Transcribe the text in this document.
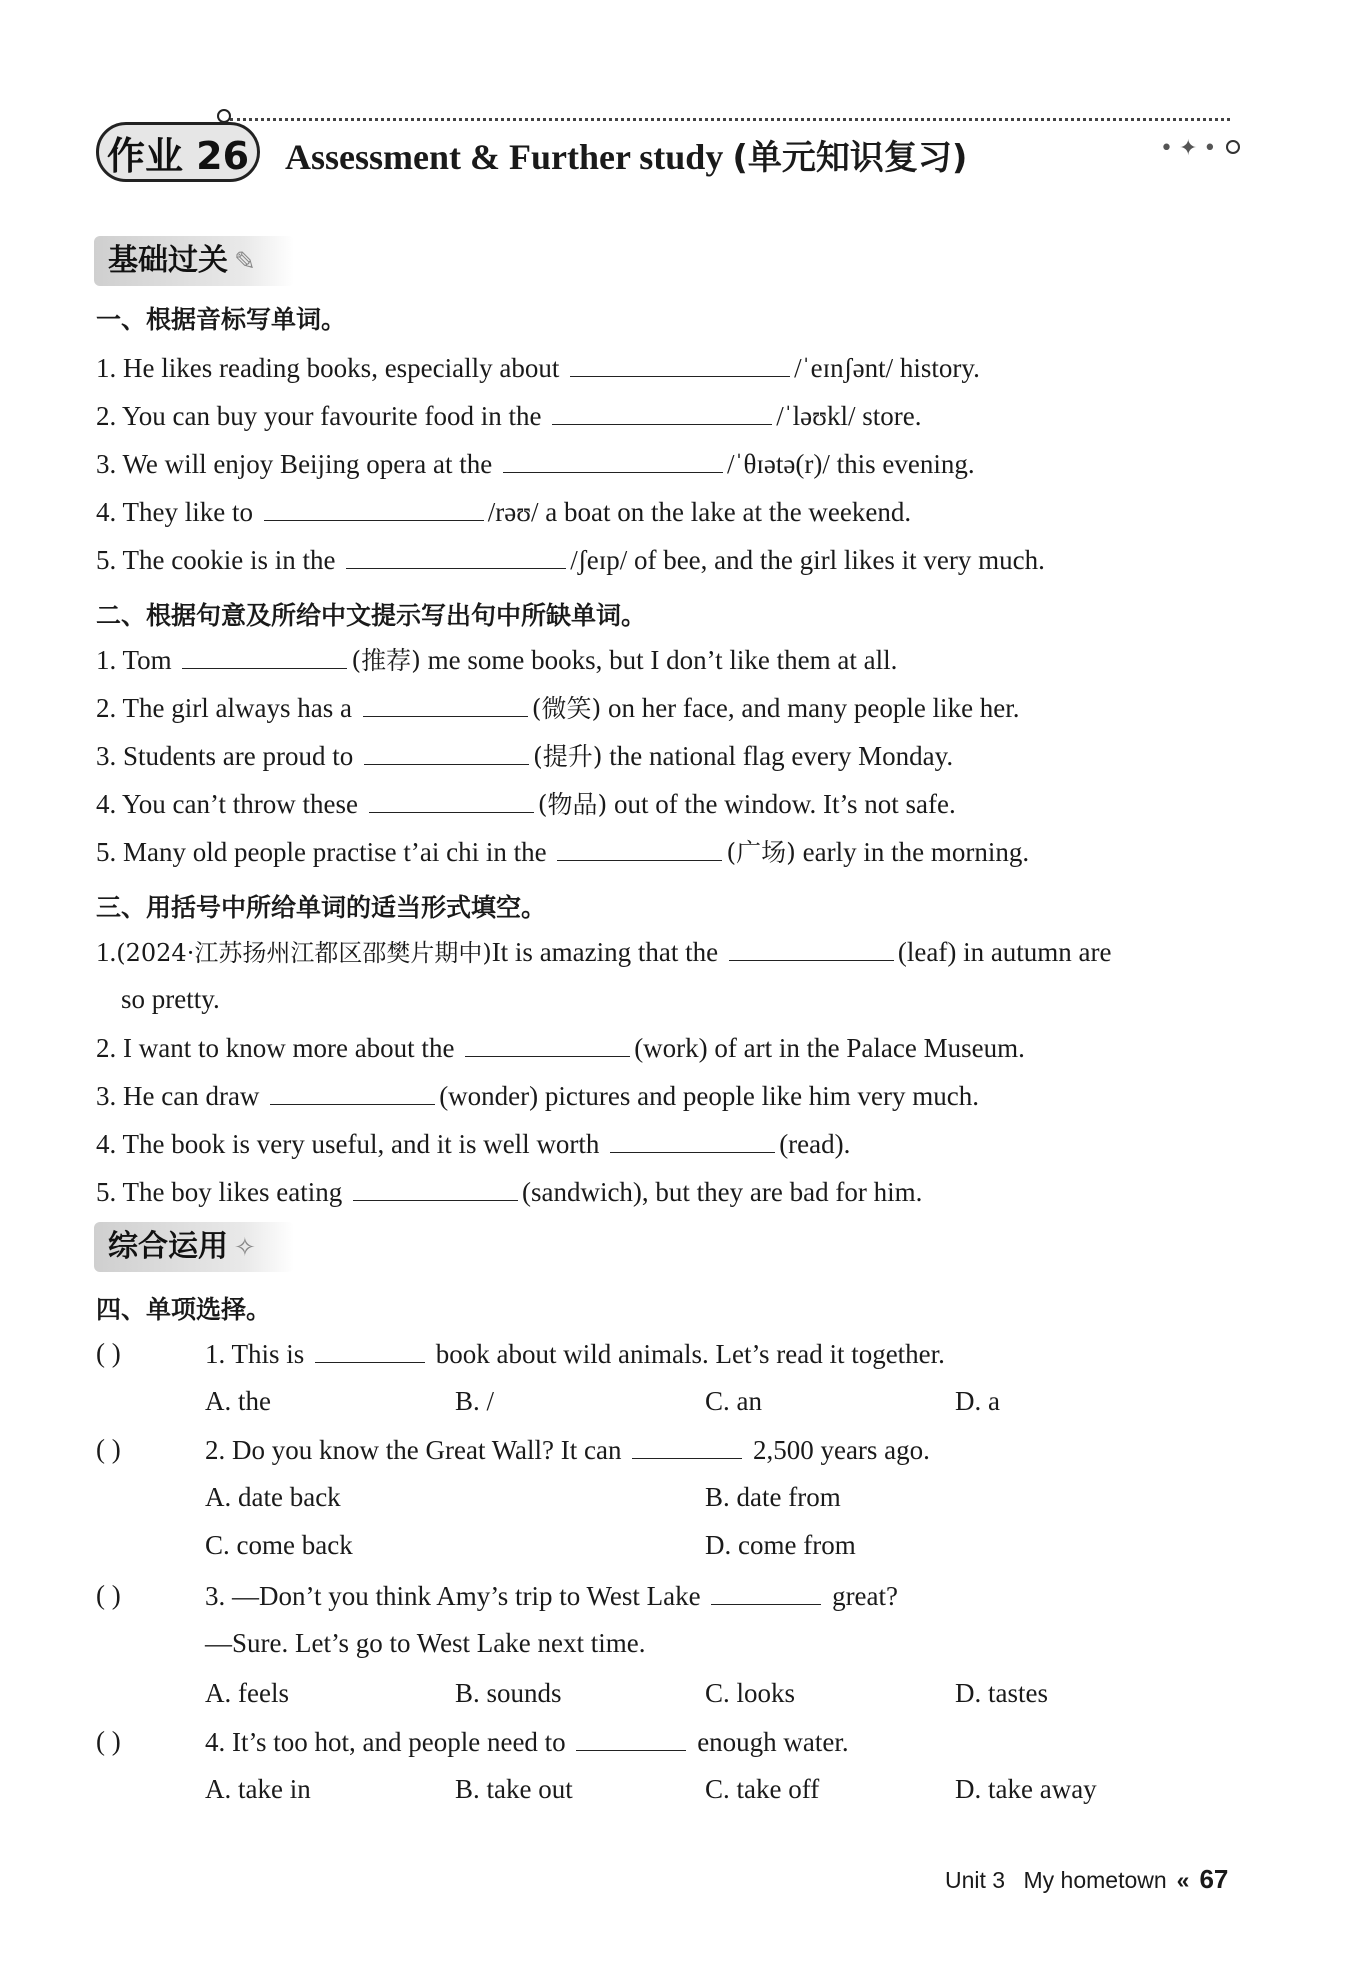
作业 26 Assessment & Further study (单元知识复习)	•✦•
基础过关 ✎
一、根据音标写单词。
1. He likes reading books, especially about	/ˈeɪnʃənt/ history.
2. You can buy your favourite food in the	/ˈləʊkl/ store.
3. We will enjoy Beijing opera at the	/ˈθɪətə(r)/ this evening.
4. They like to	/rəʊ/ a boat on the lake at the weekend.
5. The cookie is in the	/ʃeɪp/ of bee, and the girl likes it very much.
二、根据句意及所给中文提示写出句中所缺单词。
1. Tom	(推荐) me some books, but I don’t like them at all.
2. The girl always has a	(微笑) on her face, and many people like her.
3. Students are proud to	(提升) the national flag every Monday.
4. You can’t throw these	(物品) out of the window. It’s not safe.
5. Many old people practise t’ai chi in the	(广场) early in the morning.
三、用括号中所给单词的适当形式填空。
1.(2024·江苏扬州江都区邵樊片期中)It is amazing that the	(leaf) in autumn are
so pretty.
2. I want to know more about the	(work) of art in the Palace Museum.
3. He can draw	(wonder) pictures and people like him very much.
4. The book is very useful, and it is well worth	(read).
5. The boy likes eating	(sandwich), but they are bad for him.
综合运用 ✧
四、单项选择。
( )	1. This is	book about wild animals. Let’s read it together.
A. the	B. /	C. an	D. a
( )	2. Do you know the Great Wall? It can	2,500 years ago.
A. date back	B. date from
C. come back	D. come from
( )	3. —Don’t you think Amy’s trip to West Lake	great?
—Sure. Let’s go to West Lake next time.
A. feels	B. sounds	C. looks	D. tastes
( )	4. It’s too hot, and people need to	enough water.
A. take in	B. take out	C. take off	D. take away
Unit 3 My hometown « 67
